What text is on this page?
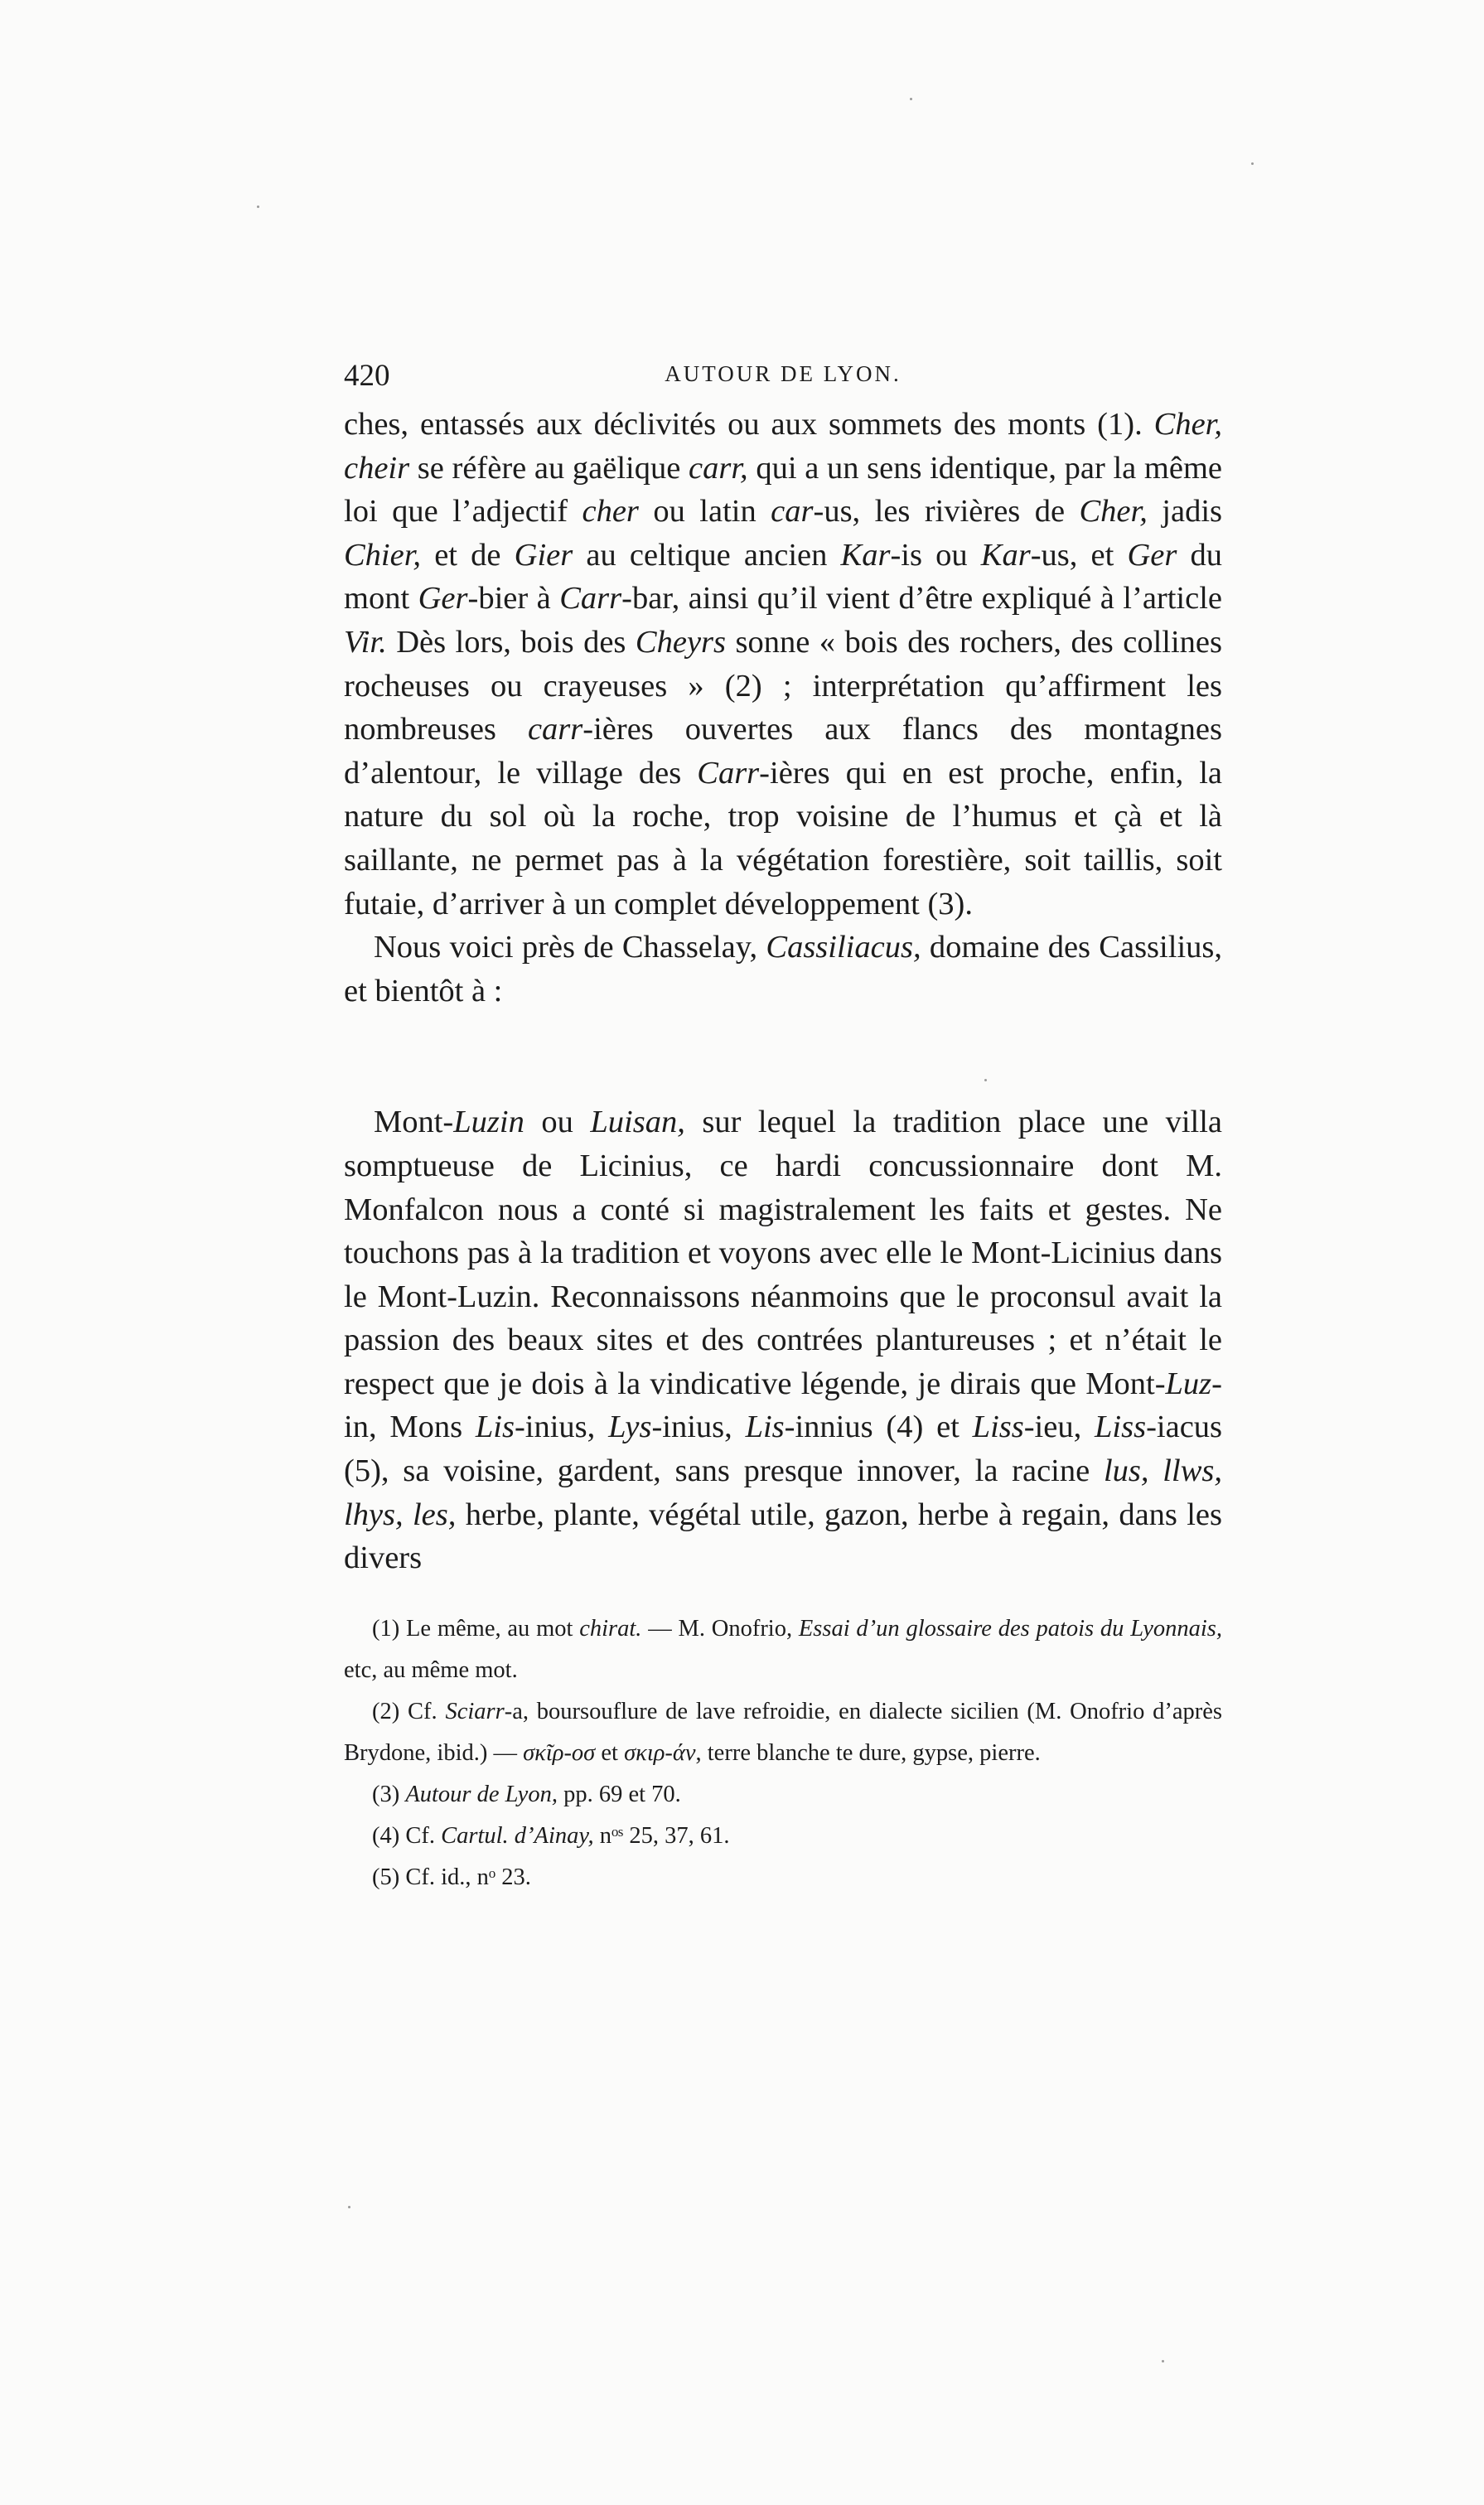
420	AUTOUR DE LYON.

ches, entassés aux déclivités ou aux sommets des monts (1). Cher, cheir se réfère au gaëlique carr, qui a un sens identique, par la même loi que l’adjectif cher ou latin car-us, les rivières de Cher, jadis Chier, et de Gier au celtique ancien Kar-is ou Kar-us, et Ger du mont Ger-bier à Carr-bar, ainsi qu’il vient d’être expliqué à l’article Vir. Dès lors, bois des Cheyrs sonne « bois des rochers, des collines rocheuses ou crayeuses » (2) ; interprétation qu’affirment les nombreuses carr-ières ouvertes aux flancs des montagnes d’alentour, le village des Carr-ières qui en est proche, enfin, la nature du sol où la roche, trop voisine de l’humus et çà et là saillante, ne permet pas à la végétation forestière, soit taillis, soit futaie, d’arriver à un complet développement (3).

Nous voici près de Chasselay, Cassiliacus, domaine des Cassilius, et bientôt à :

Mont-Luzin ou Luisan, sur lequel la tradition place une villa somptueuse de Licinius, ce hardi concussionnaire dont M. Monfalcon nous a conté si magistralement les faits et gestes. Ne touchons pas à la tradition et voyons avec elle le Mont-Licinius dans le Mont-Luzin. Reconnaissons néanmoins que le proconsul avait la passion des beaux sites et des contrées plantureuses ; et n’était le respect que je dois à la vindicative légende, je dirais que Mont-Luz-in, Mons Lis-inius, Lys-inius, Lis-innius (4) et Liss-ieu, Liss-iacus (5), sa voisine, gardent, sans presque innover, la racine lus, llws, lhys, les, herbe, plante, végétal utile, gazon, herbe à regain, dans les divers

(1) Le même, au mot chirat. — M. Onofrio, Essai d’un glossaire des patois du Lyonnais, etc, au même mot.

(2) Cf. Sciarr-a, boursouflure de lave refroidie, en dialecte sicilien (M. Onofrio d’après Brydone, ibid.) — σκῖρ-οσ et σκιρ-άν, terre blanche te dure, gypse, pierre.

(3) Autour de Lyon, pp. 69 et 70.

(4) Cf. Cartul. d’Ainay, nᵒˢ 25, 37, 61.

(5) Cf. id., nᵒ 23.
